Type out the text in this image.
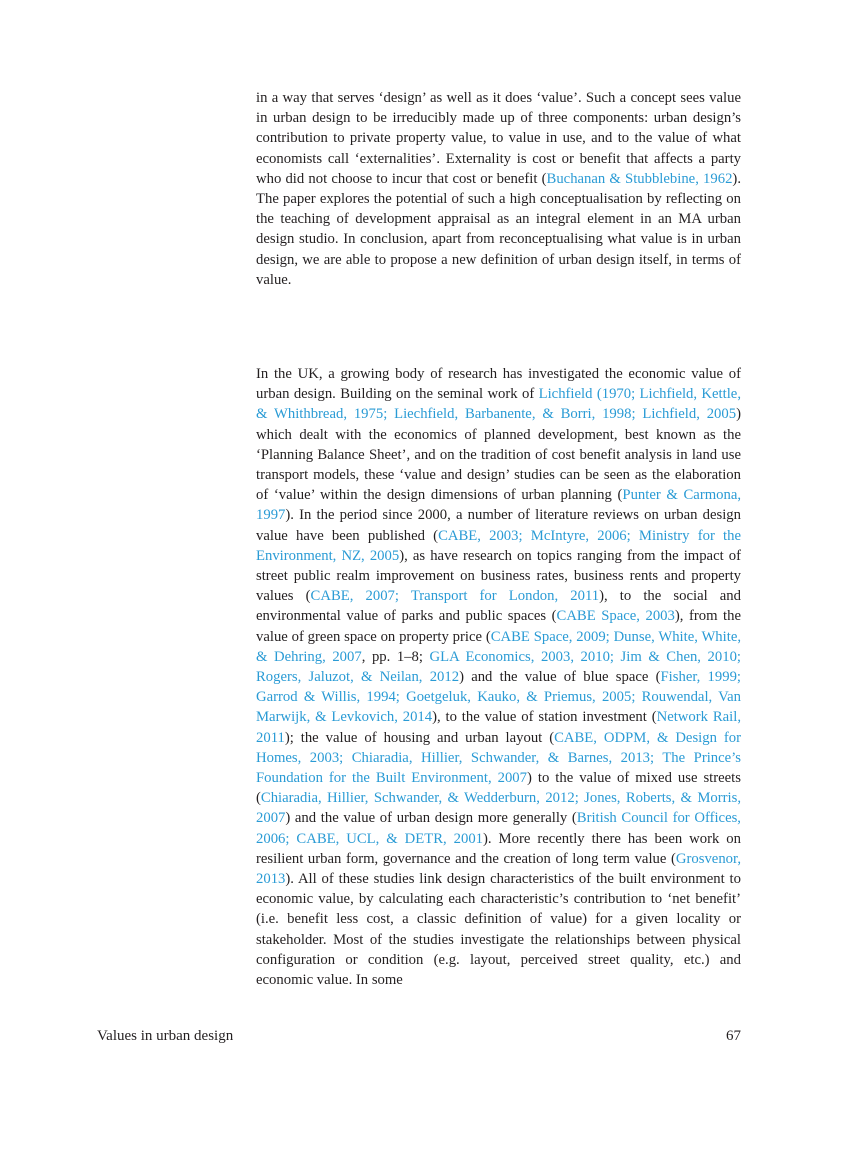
in a way that serves ‘design’ as well as it does ‘value’. Such a concept sees value in urban design to be irreducibly made up of three components: urban design’s contribution to private property value, to value in use, and to the value of what economists call ‘externalities’. Externality is cost or benefit that affects a party who did not choose to incur that cost or benefit (Buchanan & Stubblebine, 1962). The paper explores the potential of such a high conceptualisation by reflecting on the teaching of development appraisal as an integral element in an MA urban design studio. In conclusion, apart from reconceptualising what value is in urban design, we are able to propose a new definition of urban design itself, in terms of value.

In the UK, a growing body of research has investigated the economic value of urban design. Building on the seminal work of Lichfield (1970; Lichfield, Kettle, & Whithbread, 1975; Liechfield, Barbanente, & Borri, 1998; Lichfield, 2005) which dealt with the economics of planned development, best known as the ‘Planning Balance Sheet’, and on the tradition of cost benefit analysis in land use transport models, these ‘value and design’ studies can be seen as the elaboration of ‘value’ within the design dimensions of urban planning (Punter & Carmona, 1997). In the period since 2000, a number of literature reviews on urban design value have been published (CABE, 2003; McIntyre, 2006; Ministry for the Environment, NZ, 2005), as have research on topics ranging from the impact of street public realm improvement on business rates, business rents and property values (CABE, 2007; Transport for London, 2011), to the social and environmental value of parks and public spaces (CABE Space, 2003), from the value of green space on property price (CABE Space, 2009; Dunse, White, White, & Dehring, 2007, pp. 1–8; GLA Economics, 2003, 2010; Jim & Chen, 2010; Rogers, Jaluzot, & Neilan, 2012) and the value of blue space (Fisher, 1999; Garrod & Willis, 1994; Goetgeluk, Kauko, & Priemus, 2005; Rouwendal, Van Marwijk, & Levkovich, 2014), to the value of station investment (Network Rail, 2011); the value of housing and urban layout (CABE, ODPM, & Design for Homes, 2003; Chiaradia, Hillier, Schwander, & Barnes, 2013; The Prince’s Foundation for the Built Environment, 2007) to the value of mixed use streets (Chiaradia, Hillier, Schwander, & Wedderburn, 2012; Jones, Roberts, & Morris, 2007) and the value of urban design more generally (British Council for Offices, 2006; CABE, UCL, & DETR, 2001). More recently there has been work on resilient urban form, governance and the creation of long term value (Grosvenor, 2013). All of these studies link design characteristics of the built environment to economic value, by calculating each characteristic’s contribution to ‘net benefit’ (i.e. benefit less cost, a classic definition of value) for a given locality or stakeholder. Most of the studies investigate the relationships between physical configuration or condition (e.g. layout, perceived street quality, etc.) and economic value. In some

Values in urban design	67
